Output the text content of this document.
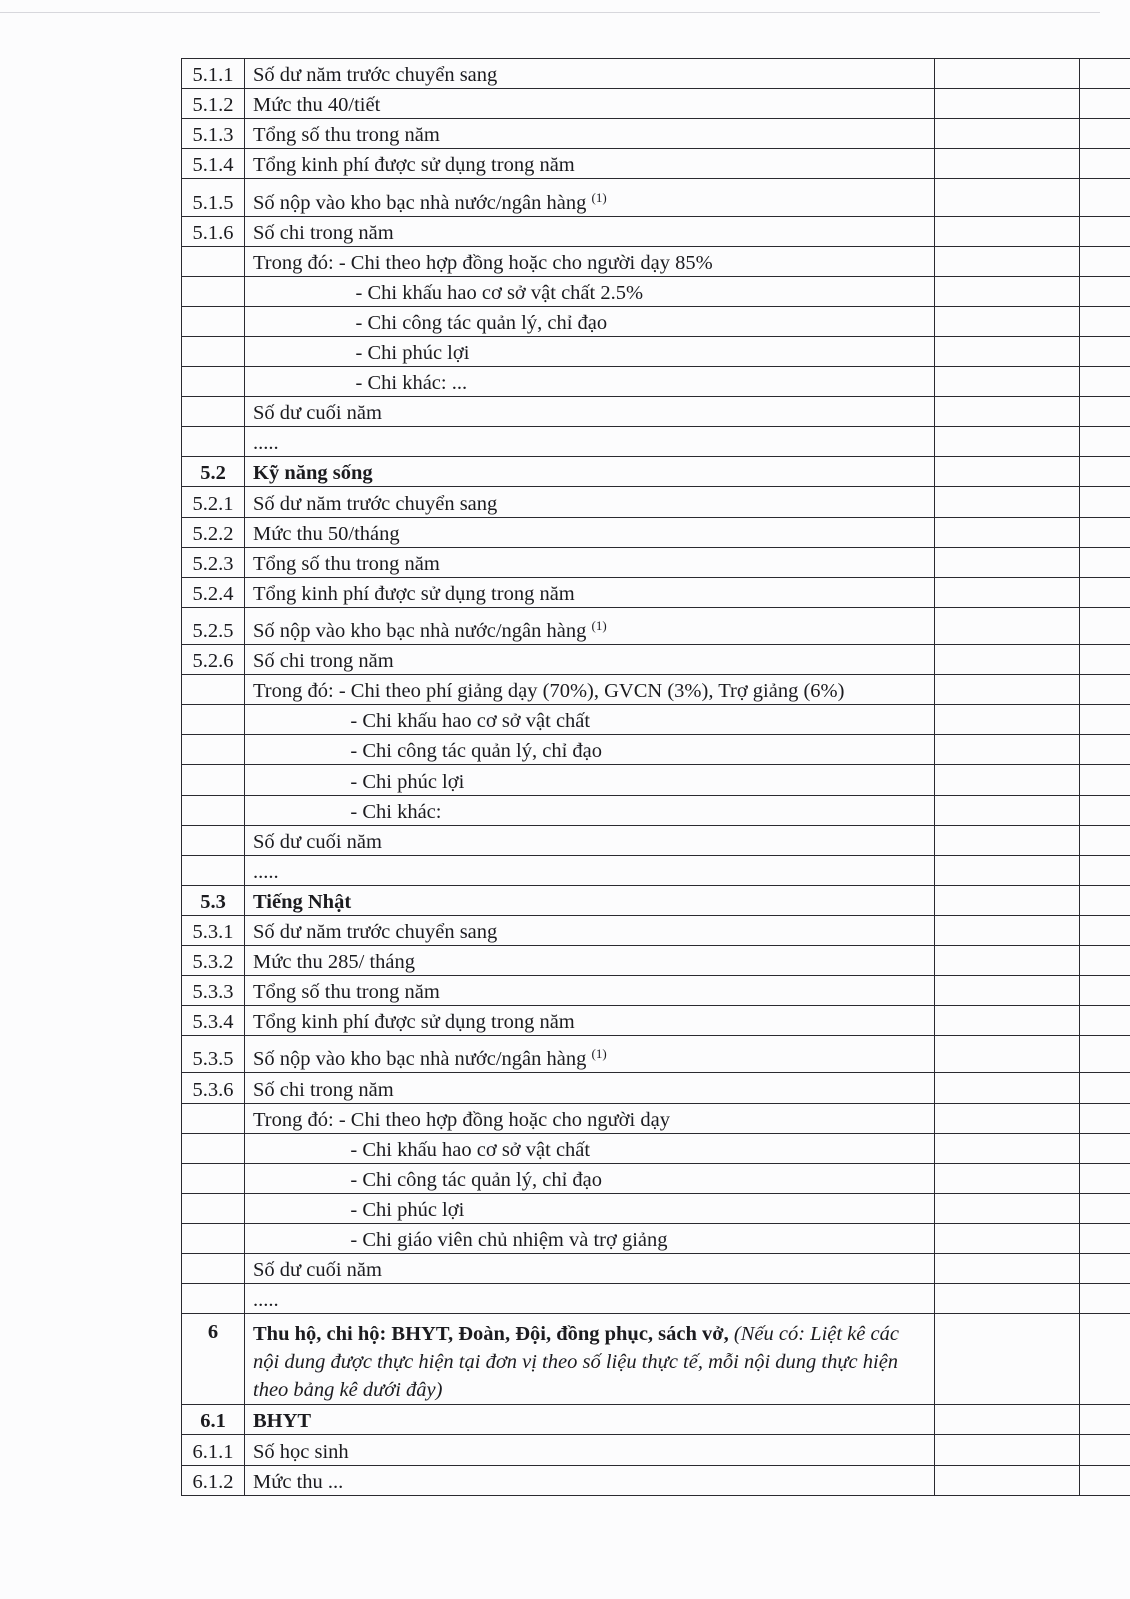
5.1.1	Số dư năm trước chuyển sang		
5.1.2	Mức thu 40/tiết		
5.1.3	Tổng số thu trong năm		
5.1.4	Tổng kinh phí được sử dụng trong năm		
5.1.5	Số nộp vào kho bạc nhà nước/ngân hàng $^{(1)}$		
5.1.6	Số chi trong năm		
	Trong đó: - Chi theo hợp đồng hoặc cho người dạy 85%		
	- Chi khấu hao cơ sở vật chất 2.5%		
	- Chi công tác quản lý, chỉ đạo		
	- Chi phúc lợi		
	- Chi khác: ...		
	Số dư cuối năm		
	.....		
5.2	Kỹ năng sống		
5.2.1	Số dư năm trước chuyển sang		
5.2.2	Mức thu 50/tháng		
5.2.3	Tổng số thu trong năm		
5.2.4	Tổng kinh phí được sử dụng trong năm		
5.2.5	Số nộp vào kho bạc nhà nước/ngân hàng $^{(1)}$		
5.2.6	Số chi trong năm		
	Trong đó: - Chi theo phí giảng dạy (70%), GVCN (3%), Trợ giảng (6%)		
	- Chi khấu hao cơ sở vật chất		
	- Chi công tác quản lý, chỉ đạo		
	- Chi phúc lợi		
	- Chi khác:		
	Số dư cuối năm		
	.....		
5.3	Tiếng Nhật		
5.3.1	Số dư năm trước chuyển sang		
5.3.2	Mức thu 285/ tháng		
5.3.3	Tổng số thu trong năm		
5.3.4	Tổng kinh phí được sử dụng trong năm		
5.3.5	Số nộp vào kho bạc nhà nước/ngân hàng $^{(1)}$		
5.3.6	Số chi trong năm		
	Trong đó: - Chi theo hợp đồng hoặc cho người dạy		
	- Chi khấu hao cơ sở vật chất		
	- Chi công tác quản lý, chỉ đạo		
	- Chi phúc lợi		
	- Chi giáo viên chủ nhiệm và trợ giảng		
	Số dư cuối năm		
	.....		
6	Thu hộ, chi hộ: BHYT, Đoàn, Đội, đồng phục, sách vở, (Nếu có: Liệt kê các nội dung được thực hiện tại đơn vị theo số liệu thực tế, mỗi nội dung thực hiện theo bảng kê dưới đây)		
6.1	BHYT		
6.1.1	Số học sinh		
6.1.2	Mức thu ...		
